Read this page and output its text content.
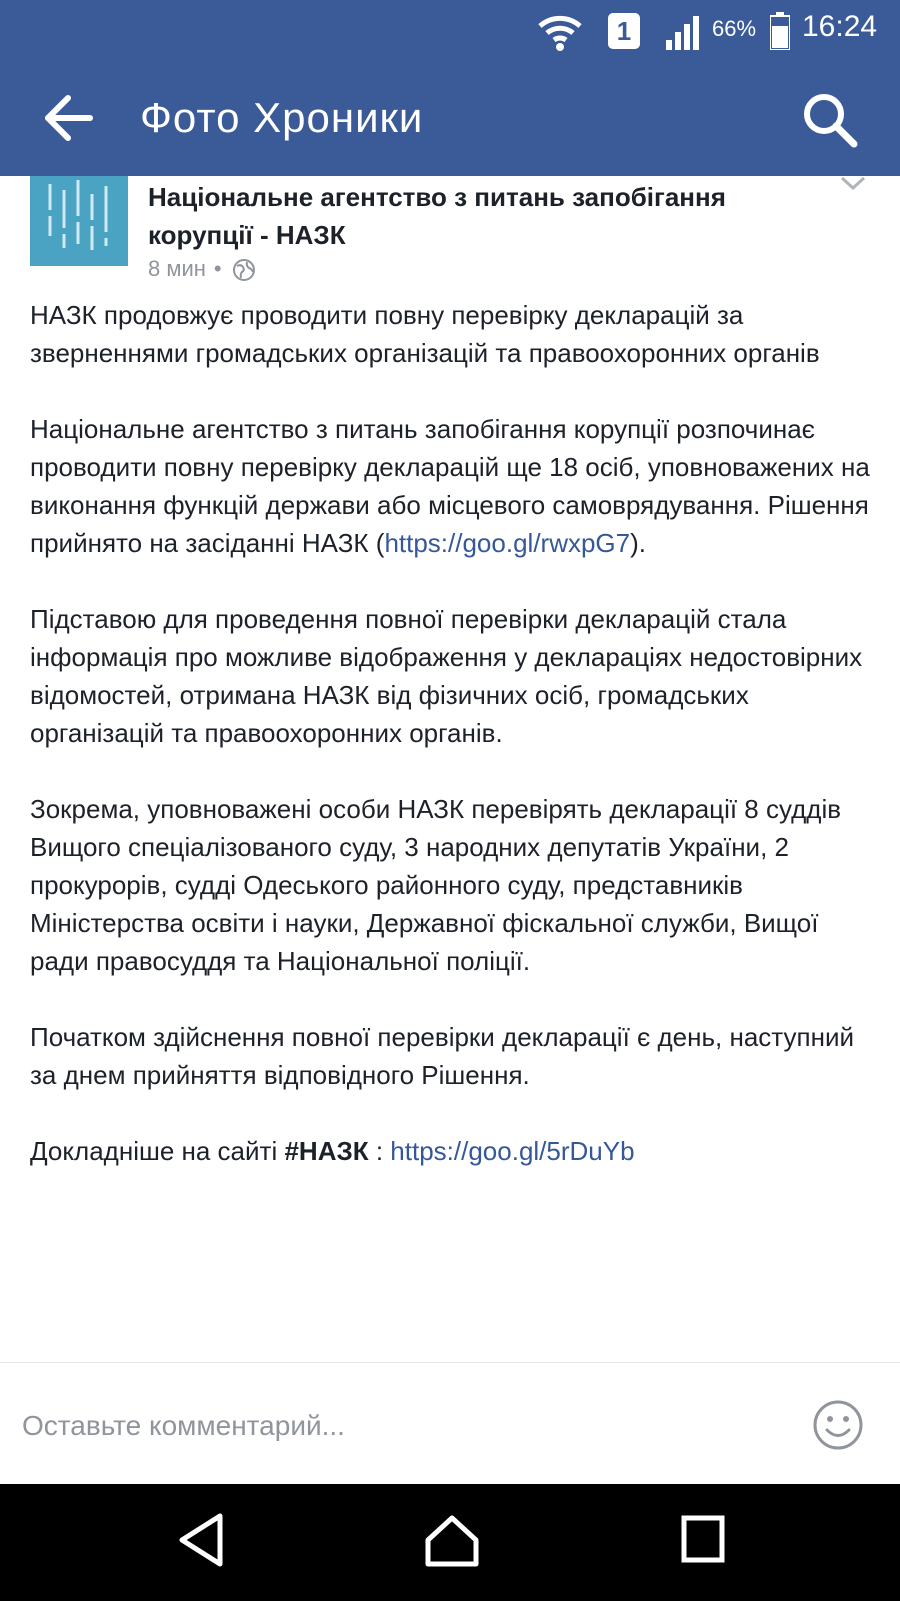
1	66% 16:24
Фото Хроники
Національне агентство з питань запобігання корупції - НАЗК
8 мин •

НАЗК продовжує проводити повну перевірку декларацій за зверненнями громадських організацій та правоохоронних органів

Національне агентство з питань запобігання корупції розпочинає проводити повну перевірку декларацій ще 18 осіб, уповноважених на виконання функцій держави або місцевого самоврядування. Рішення прийнято на засіданні НАЗК (https://goo.gl/rwxpG7).

Підставою для проведення повної перевірки декларацій стала інформація про можливе відображення у деклараціях недостовірних відомостей, отримана НАЗК від фізичних осіб, громадських організацій та правоохоронних органів.

Зокрема, уповноважені особи НАЗК перевірять декларації 8 суддів Вищого спеціалізованого суду, 3 народних депутатів України, 2 прокурорів, судді Одеського районного суду, представників Міністерства освіти і науки, Державної фіскальної служби, Вищої ради правосуддя та Національної поліції.

Початком здійснення повної перевірки декларації є день, наступний за днем прийняття відповідного Рішення.

Докладніше на сайті #НАЗК : https://goo.gl/5rDuYb

Оставьте комментарий...
